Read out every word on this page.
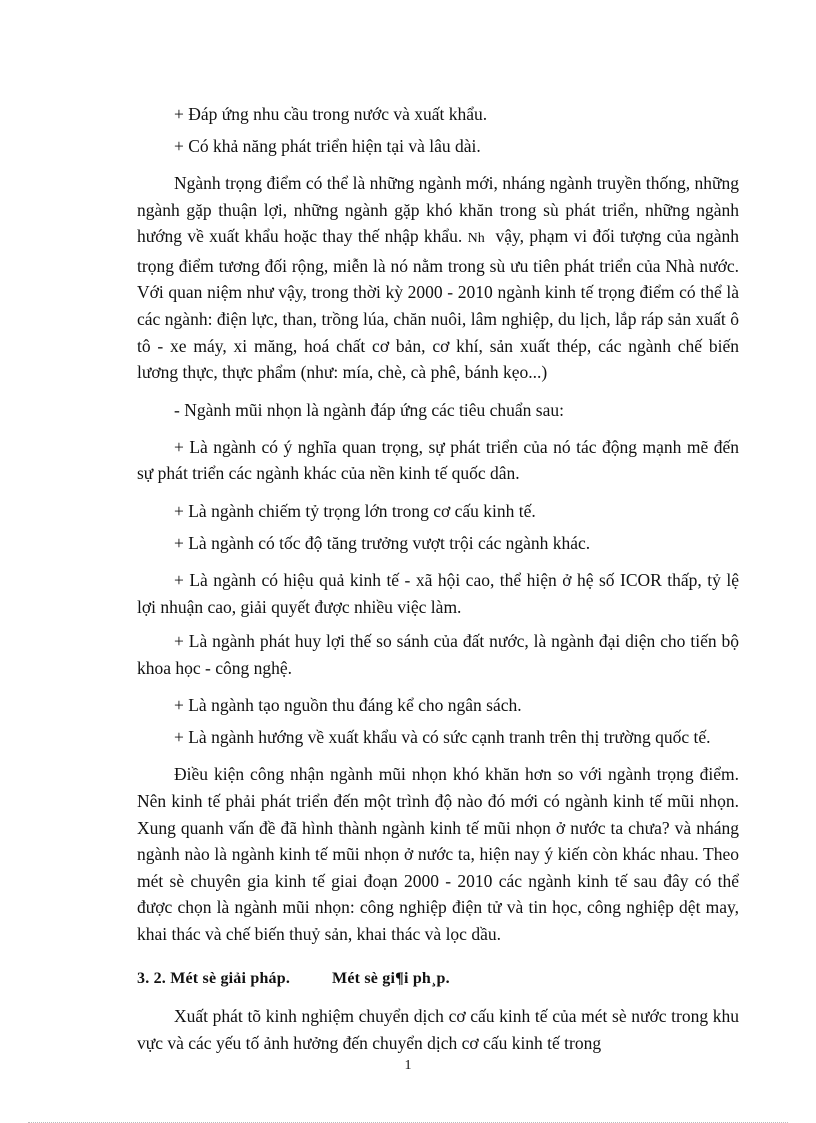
+ Đáp ứng nhu cầu trong nước và xuất khẩu.

+ Có khả năng phát triển hiện tại và lâu dài.

Ngành trọng điểm có thể là những ngành mới, nháng ngành truyền thống, những ngành gặp thuận lợi, những ngành gặp khó khăn trong sù phát triển, những ngành hướng về xuất khẩu hoặc thay thế nhập khẩu. Nh vậy, phạm vi đối tượng của ngành trọng điểm tương đối rộng, miễn là nó nằm trong sù ưu tiên phát triển của Nhà nước. Với quan niệm như vậy, trong thời kỳ 2000 - 2010 ngành kinh tế trọng điểm có thể là các ngành: điện lực, than, trồng lúa, chăn nuôi, lâm nghiệp, du lịch, lắp ráp sản xuất ô tô - xe máy, xi măng, hoá chất cơ bản, cơ khí, sản xuất thép, các ngành chế biến lương thực, thực phẩm (như: mía, chè, cà phê, bánh kẹo...)

- Ngành mũi nhọn là ngành đáp ứng các tiêu chuẩn sau:

+ Là ngành có ý nghĩa quan trọng, sự phát triển của nó tác động mạnh mẽ đến sự phát triển các ngành khác của nền kinh tế quốc dân.

+ Là ngành chiếm tỷ trọng lớn trong cơ cấu kinh tế.

+ Là ngành có tốc độ tăng trưởng vượt trội các ngành khác.

+ Là ngành có hiệu quả kinh tế - xã hội cao, thể hiện ở hệ số ICOR thấp, tỷ lệ lợi nhuận cao, giải quyết được nhiều việc làm.

+ Là ngành phát huy lợi thế so sánh của đất nước, là ngành đại diện cho tiến bộ khoa học - công nghệ.

+ Là ngành tạo nguồn thu đáng kể cho ngân sách.

+ Là ngành hướng về xuất khẩu và có sức cạnh tranh trên thị trường quốc tế.

Điều kiện công nhận ngành mũi nhọn khó khăn hơn so với ngành trọng điểm. Nên kinh tế phải phát triển đến một trình độ nào đó mới có ngành kinh tế mũi nhọn. Xung quanh vấn đề đã hình thành ngành kinh tế mũi nhọn ở nước ta chưa? và nháng ngành nào là ngành kinh tế mũi nhọn ở nước ta, hiện nay ý kiến còn khác nhau. Theo mét sè chuyên gia kinh tế giai đoạn 2000 - 2010 các ngành kinh tế sau đây có thể được chọn là ngành mũi nhọn: công nghiệp điện tử và tin học, công nghiệp dệt may, khai thác và chế biến thuỷ sản, khai thác và lọc dầu.

3. 2. Mét sè giải pháp.	Mét sè gi¶i ph¸p.

Xuất phát tõ kinh nghiệm chuyển dịch cơ cấu kinh tế của mét sè nước trong khu vực và các yếu tố ảnh hưởng đến chuyển dịch cơ cấu kinh tế trong

1
